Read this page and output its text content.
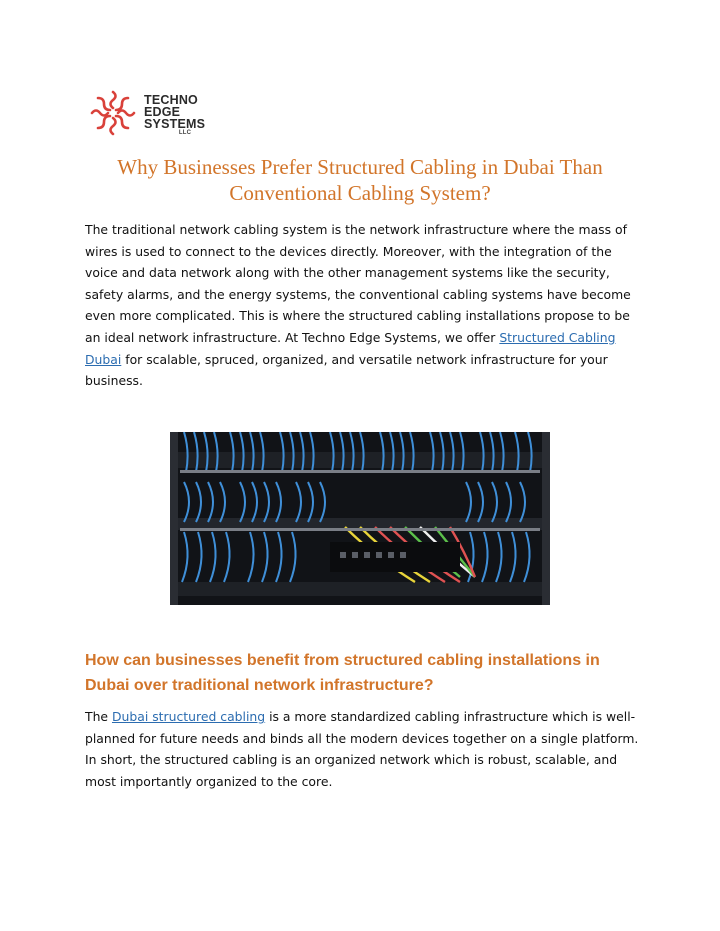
TECHNO
EDGE
SYSTEMS
LLC
Why Businesses Prefer Structured Cabling in Dubai Than Conventional Cabling System?

The traditional network cabling system is the network infrastructure where the mass of wires is used to connect to the devices directly. Moreover, with the integration of the voice and data network along with the other management systems like the security, safety alarms, and the energy systems, the conventional cabling systems have become even more complicated. This is where the structured cabling installations propose to be an ideal network infrastructure. At Techno Edge Systems, we offer Structured Cabling Dubai for scalable, spruced, organized, and versatile network infrastructure for your business.

How can businesses benefit from structured cabling installations in Dubai over traditional network infrastructure?

The Dubai structured cabling is a more standardized cabling infrastructure which is well-planned for future needs and binds all the modern devices together on a single platform. In short, the structured cabling is an organized network which is robust, scalable, and most importantly organized to the core.
